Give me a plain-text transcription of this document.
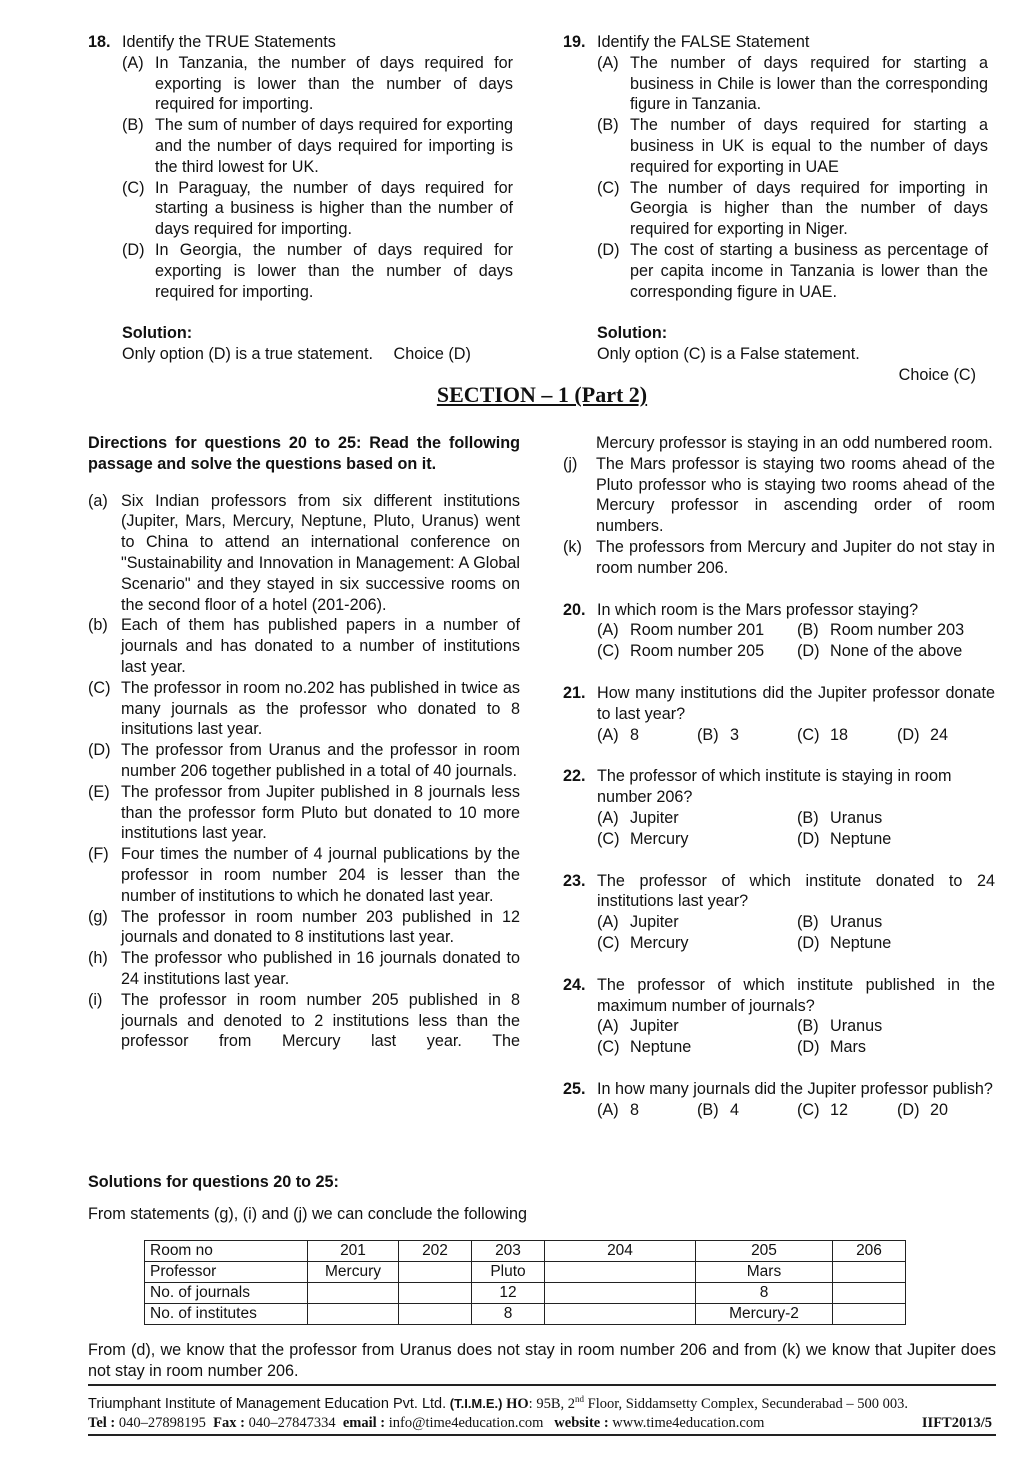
18. Identify the TRUE Statements
(A) In Tanzania, the number of days required for exporting is lower than the number of days required for importing.
(B) The sum of number of days required for exporting and the number of days required for importing is the third lowest for UK.
(C) In Paraguay, the number of days required for starting a business is higher than the number of days required for importing.
(D) In Georgia, the number of days required for exporting is lower than the number of days required for importing.
Solution:
Only option (D) is a true statement. Choice (D)
19. Identify the FALSE Statement
(A) The number of days required for starting a business in Chile is lower than the corresponding figure in Tanzania.
(B) The number of days required for starting a business in UK is equal to the number of days required for exporting in UAE
(C) The number of days required for importing in Georgia is higher than the number of days required for exporting in Niger.
(D) The cost of starting a business as percentage of per capita income in Tanzania is lower than the corresponding figure in UAE.
Solution:
Only option (C) is a False statement.
Choice (C)
SECTION – 1 (Part 2)
Directions for questions 20 to 25: Read the following passage and solve the questions based on it.
(a) Six Indian professors from six different institutions (Jupiter, Mars, Mercury, Neptune, Pluto, Uranus) went to China to attend an international conference on "Sustainability and Innovation in Management: A Global Scenario" and they stayed in six successive rooms on the second floor of a hotel (201-206).
(b) Each of them has published papers in a number of journals and has donated to a number of institutions last year.
(C) The professor in room no.202 has published in twice as many journals as the professor who donated to 8 insitutions last year.
(D) The professor from Uranus and the professor in room number 206 together published in a total of 40 journals.
(E) The professor from Jupiter published in 8 journals less than the professor form Pluto but donated to 10 more institutions last year.
(F) Four times the number of 4 journal publications by the professor in room number 204 is lesser than the number of institutions to which he donated last year.
(g) The professor in room number 203 published in 12 journals and donated to 8 institutions last year.
(h) The professor who published in 16 journals donated to 24 institutions last year.
(i) The professor in room number 205 published in 8 journals and denoted to 2 institutions less than the professor from Mercury last year. The
Mercury professor is staying in an odd numbered room.
(j) The Mars professor is staying two rooms ahead of the Pluto professor who is staying two rooms ahead of the Mercury professor in ascending order of room numbers.
(k) The professors from Mercury and Jupiter do not stay in room number 206.
20. In which room is the Mars professor staying?
(A) Room number 201	(B) Room number 203
(C) Room number 205	(D) None of the above
21. How many institutions did the Jupiter professor donate to last year?
(A) 8	(B) 3	(C) 18	(D) 24
22. The professor of which institute is staying in room number 206?
(A) Jupiter	(B) Uranus
(C) Mercury	(D) Neptune
23. The professor of which institute donated to 24 institutions last year?
(A) Jupiter	(B) Uranus
(C) Mercury	(D) Neptune
24. The professor of which institute published in the maximum number of journals?
(A) Jupiter	(B) Uranus
(C) Neptune	(D) Mars
25. In how many journals did the Jupiter professor publish?
(A) 8	(B) 4	(C) 12	(D) 20
Solutions for questions 20 to 25:
From statements (g), (i) and (j) we can conclude the following
Room no	201	202	203	204	205	206
Professor	Mercury		Pluto		Mars	
No. of journals			12		8	
No. of institutes			8		Mercury-2	
From (d), we know that the professor from Uranus does not stay in room number 206 and from (k) we know that Jupiter does not stay in room number 206.
Triumphant Institute of Management Education Pvt. Ltd. (T.I.M.E.) HO: 95B, 2nd Floor, Siddamsetty Complex, Secunderabad – 500 003.
Tel : 040–27898195 Fax : 040–27847334 email : info@time4education.com website : www.time4education.com	IIFT2013/5
